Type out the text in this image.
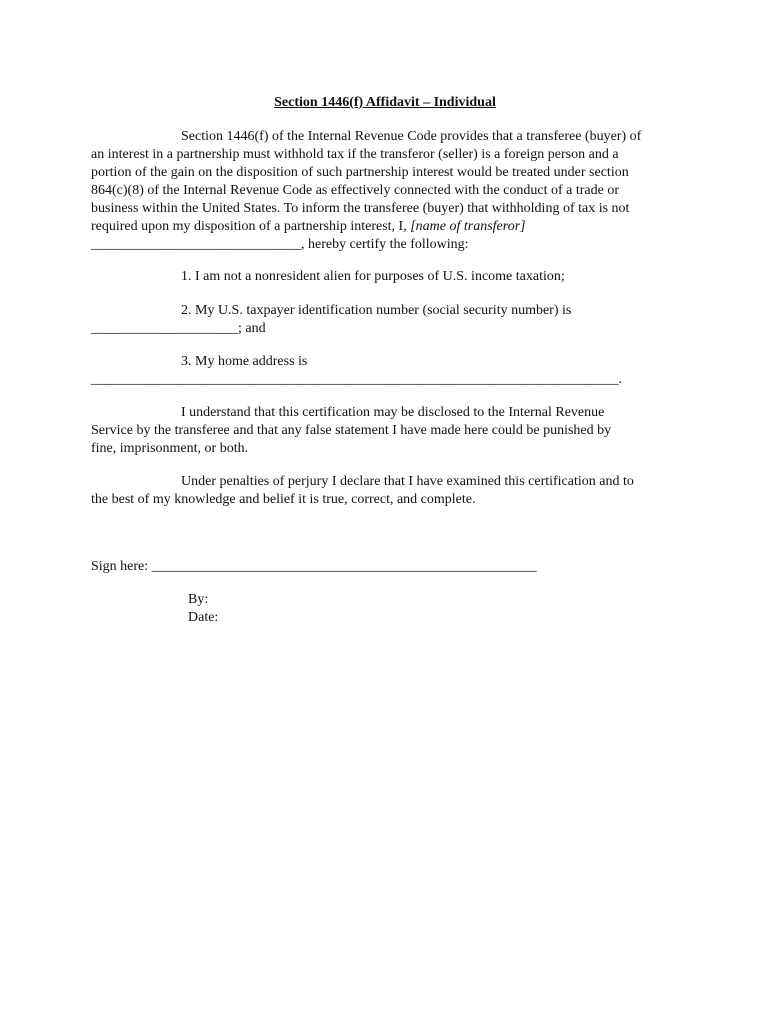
Section 1446(f) Affidavit – Individual
Section 1446(f) of the Internal Revenue Code provides that a transferee (buyer) of
an interest in a partnership must withhold tax if the transferor (seller) is a foreign person and a
portion of the gain on the disposition of such partnership interest would be treated under section
864(c)(8) of the Internal Revenue Code as effectively connected with the conduct of a trade or
business within the United States. To inform the transferee (buyer) that withholding of tax is not
required upon my disposition of a partnership interest, I, [name of transferor]
______________________________, hereby certify the following:
1. I am not a nonresident alien for purposes of U.S. income taxation;
2. My U.S. taxpayer identification number (social security number) is
_____________________; and
3. My home address is
_____________________________________________________________________________.
I understand that this certification may be disclosed to the Internal Revenue
Service by the transferee and that any false statement I have made here could be punished by
fine, imprisonment, or both.
Under penalties of perjury I declare that I have examined this certification and to
the best of my knowledge and belief it is true, correct, and complete.
Sign here: _______________________________________________________
By:
Date:
